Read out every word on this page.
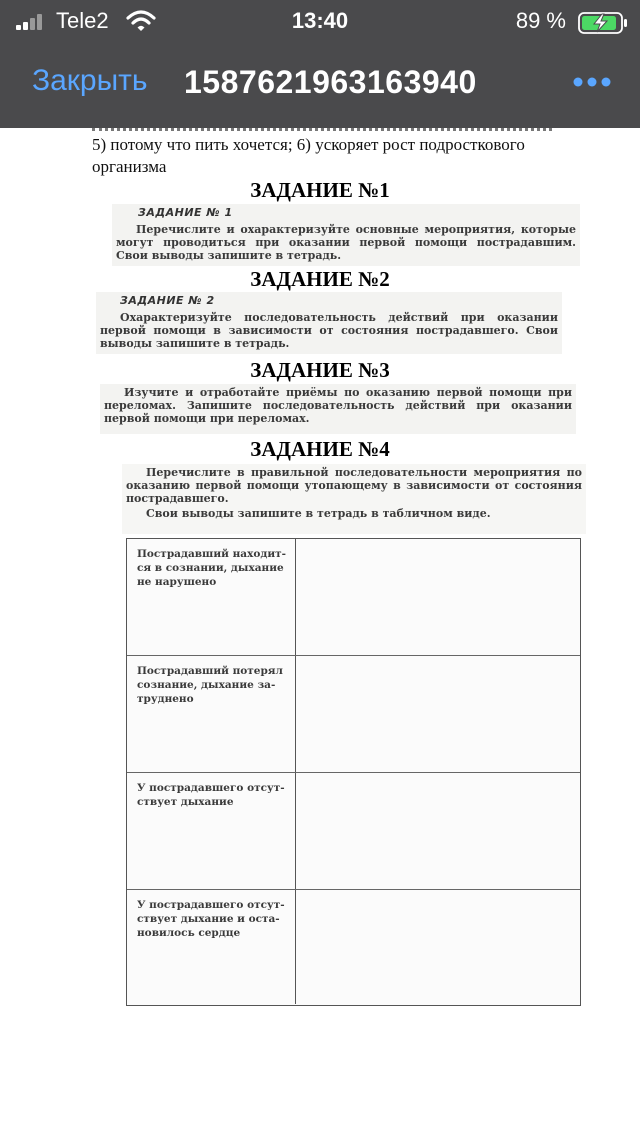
Tele2	13:40	89 %
Закрыть 1587621963163940
5) потому что пить хочется; 6) ускоряет рост подросткового организма
ЗАДАНИЕ №1
ЗАДАНИЕ № 1
Перечислите и охарактеризуйте основные мероприятия, которые могут проводиться при оказании первой помощи пострадавшим. Свои выводы запишите в тетрадь.
ЗАДАНИЕ №2
ЗАДАНИЕ № 2
Охарактеризуйте последовательность действий при оказании первой помощи в зависимости от состояния пострадавшего. Свои выводы запишите в тетрадь.
ЗАДАНИЕ №3
Изучите и отработайте приёмы по оказанию первой помощи при переломах. Запишите последовательность действий при оказании первой помощи при переломах.
ЗАДАНИЕ №4
Перечислите в правильной последовательности мероприятия по оказанию первой помощи утопающему в зависимости от состояния пострадавшего.
Свои выводы запишите в тетрадь в табличном виде.
Пострадавший находит-ся в сознании, дыхание не нарушено
Пострадавший потерял сознание, дыхание за-труднено
У пострадавшего отсут-ствует дыхание
У пострадавшего отсут-ствует дыхание и оста-новилось сердце
